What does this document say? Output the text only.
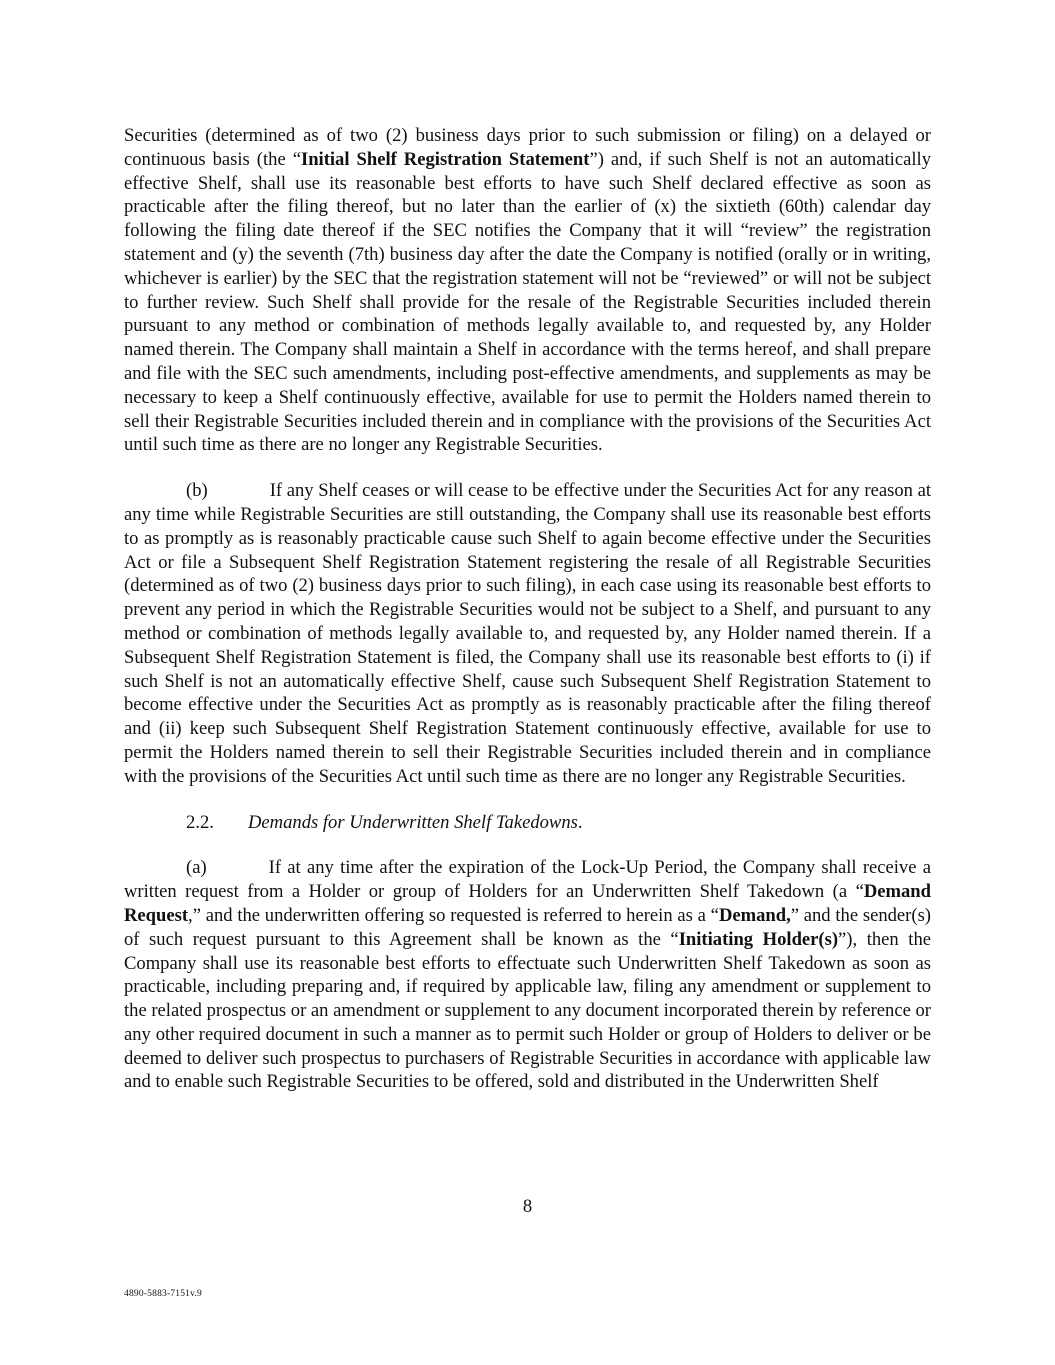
Securities (determined as of two (2) business days prior to such submission or filing) on a delayed or continuous basis (the “Initial Shelf Registration Statement”) and, if such Shelf is not an automatically effective Shelf, shall use its reasonable best efforts to have such Shelf declared effective as soon as practicable after the filing thereof, but no later than the earlier of (x) the sixtieth (60th) calendar day following the filing date thereof if the SEC notifies the Company that it will “review” the registration statement and (y) the seventh (7th) business day after the date the Company is notified (orally or in writing, whichever is earlier) by the SEC that the registration statement will not be “reviewed” or will not be subject to further review. Such Shelf shall provide for the resale of the Registrable Securities included therein pursuant to any method or combination of methods legally available to, and requested by, any Holder named therein. The Company shall maintain a Shelf in accordance with the terms hereof, and shall prepare and file with the SEC such amendments, including post-effective amendments, and supplements as may be necessary to keep a Shelf continuously effective, available for use to permit the Holders named therein to sell their Registrable Securities included therein and in compliance with the provisions of the Securities Act until such time as there are no longer any Registrable Securities.

(b)	If any Shelf ceases or will cease to be effective under the Securities Act for any reason at any time while Registrable Securities are still outstanding, the Company shall use its reasonable best efforts to as promptly as is reasonably practicable cause such Shelf to again become effective under the Securities Act or file a Subsequent Shelf Registration Statement registering the resale of all Registrable Securities (determined as of two (2) business days prior to such filing), in each case using its reasonable best efforts to prevent any period in which the Registrable Securities would not be subject to a Shelf, and pursuant to any method or combination of methods legally available to, and requested by, any Holder named therein. If a Subsequent Shelf Registration Statement is filed, the Company shall use its reasonable best efforts to (i) if such Shelf is not an automatically effective Shelf, cause such Subsequent Shelf Registration Statement to become effective under the Securities Act as promptly as is reasonably practicable after the filing thereof and (ii) keep such Subsequent Shelf Registration Statement continuously effective, available for use to permit the Holders named therein to sell their Registrable Securities included therein and in compliance with the provisions of the Securities Act until such time as there are no longer any Registrable Securities.

2.2. Demands for Underwritten Shelf Takedowns.

(a)	If at any time after the expiration of the Lock-Up Period, the Company shall receive a written request from a Holder or group of Holders for an Underwritten Shelf Takedown (a “Demand Request,” and the underwritten offering so requested is referred to herein as a “Demand,” and the sender(s) of such request pursuant to this Agreement shall be known as the “Initiating Holder(s)”), then the Company shall use its reasonable best efforts to effectuate such Underwritten Shelf Takedown as soon as practicable, including preparing and, if required by applicable law, filing any amendment or supplement to the related prospectus or an amendment or supplement to any document incorporated therein by reference or any other required document in such a manner as to permit such Holder or group of Holders to deliver or be deemed to deliver such prospectus to purchasers of Registrable Securities in accordance with applicable law and to enable such Registrable Securities to be offered, sold and distributed in the Underwritten Shelf

8
4890-5883-7151v.9
